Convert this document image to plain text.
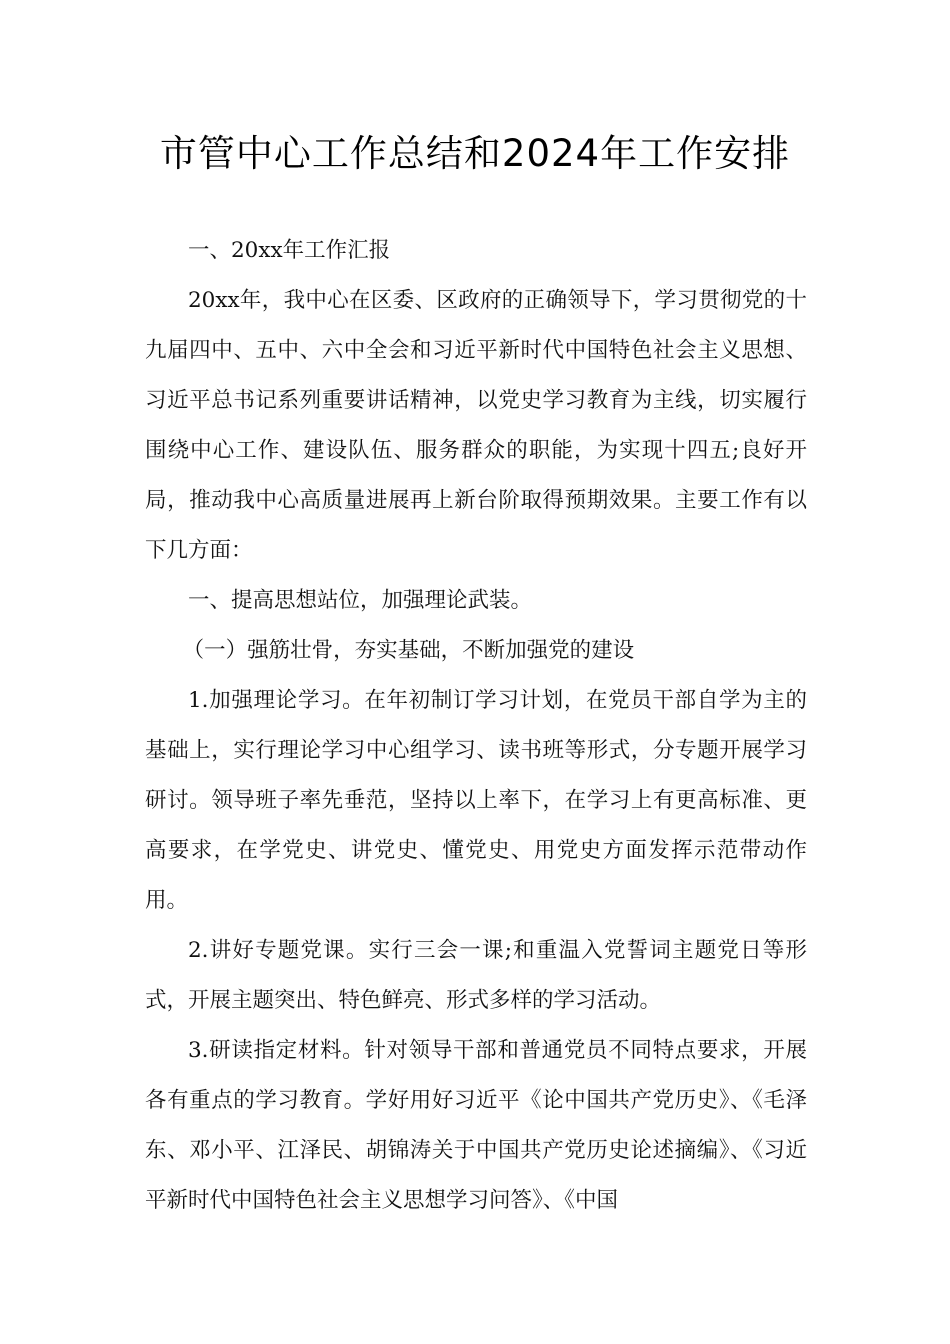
市管中心工作总结和2024年工作安排

一、20xx年工作汇报

20xx年，我中心在区委、区政府的正确领导下，学习贯彻党的十九届四中、五中、六中全会和习近平新时代中国特色社会主义思想、习近平总书记系列重要讲话精神，以党史学习教育为主线，切实履行围绕中心工作、建设队伍、服务群众的职能，为实现十四五;良好开局，推动我中心高质量进展再上新台阶取得预期效果。主要工作有以下几方面：

一、提高思想站位，加强理论武装。

（一）强筋壮骨，夯实基础，不断加强党的建设

1.加强理论学习。在年初制订学习计划，在党员干部自学为主的基础上，实行理论学习中心组学习、读书班等形式，分专题开展学习研讨。领导班子率先垂范，坚持以上率下，在学习上有更高标准、更高要求，在学党史、讲党史、懂党史、用党史方面发挥示范带动作用。

2.讲好专题党课。实行三会一课;和重温入党誓词主题党日等形式，开展主题突出、特色鲜亮、形式多样的学习活动。

3.研读指定材料。针对领导干部和普通党员不同特点要求，开展各有重点的学习教育。学好用好习近平《论中国共产党历史》、《毛泽东、邓小平、江泽民、胡锦涛关于中国共产党历史论述摘编》、《习近平新时代中国特色社会主义思想学习问答》、《中国
